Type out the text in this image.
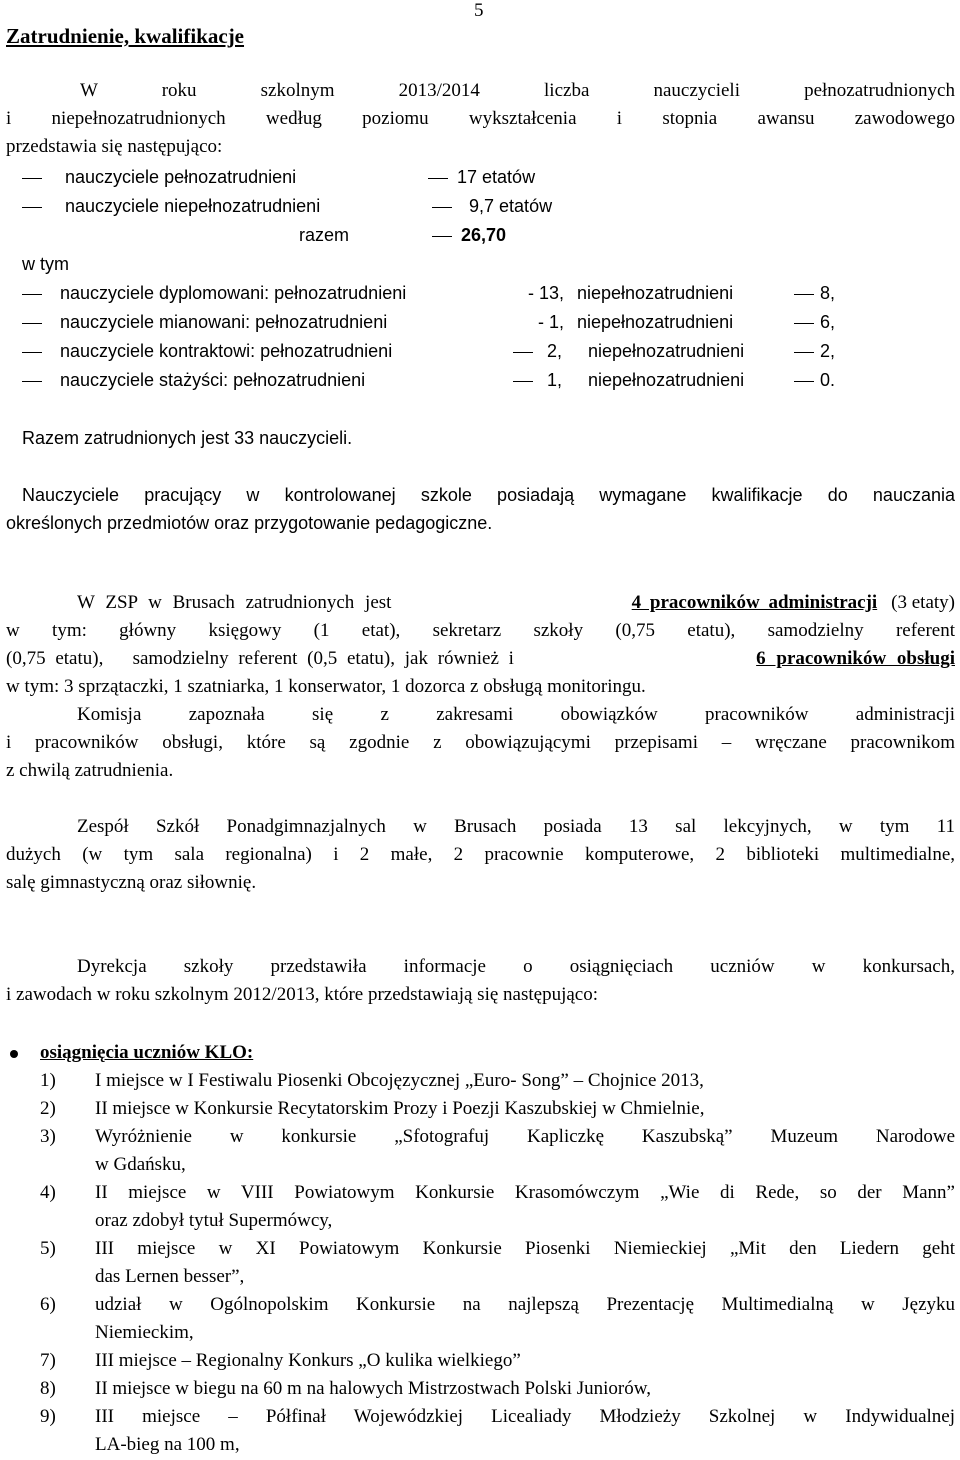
5
Zatrudnienie, kwalifikacje
W roku szkolnym 2013/2014 liczba nauczycieli pełnozatrudnionych
i niepełnozatrudnionych według poziomu wykształcenia i stopnia awansu zawodowego
przedstawia się następująco:
nauczyciele pełnozatrudnieni	17 etatów
nauczyciele niepełnozatrudnieni	9,7 etatów
razem	26,70
w tym
nauczyciele dyplomowani: pełnozatrudnieni	- 13, niepełnozatrudnieni	8,
nauczyciele mianowani: pełnozatrudnieni	- 1, niepełnozatrudnieni	6,
nauczyciele kontraktowi: pełnozatrudnieni	2, niepełnozatrudnieni	2,
nauczyciele stażyści: pełnozatrudnieni	1, niepełnozatrudnieni	0.
Razem zatrudnionych jest 33 nauczycieli.
Nauczyciele pracujący w kontrolowanej szkole posiadają wymagane kwalifikacje do nauczania
określonych przedmiotów oraz przygotowanie pedagogiczne.
W ZSP w Brusach zatrudnionych jest	4 pracowników administracji (3 etaty)
w tym: główny księgowy (1 etat), sekretarz szkoły (0,75 etatu), samodzielny referent
(0,75 etatu),   samodzielny referent (0,5 etatu), jak również i	6 pracowników obsługi
w tym: 3 sprzątaczki, 1 szatniarka, 1 konserwator, 1 dozorca z obsługą monitoringu.
Komisja zapoznała się z zakresami obowiązków pracowników administracji
i pracowników obsługi, które są zgodnie z obowiązującymi przepisami – wręczane pracownikom
z chwilą zatrudnienia.
Zespół Szkół Ponadgimnazjalnych w Brusach posiada 13 sal lekcyjnych, w tym 11
dużych (w tym sala regionalna) i 2 małe, 2 pracownie komputerowe, 2 biblioteki multimedialne,
salę gimnastyczną oraz siłownię.
Dyrekcja szkoły przedstawiła informacje o osiągnięciach uczniów w konkursach,
i zawodach w roku szkolnym 2012/2013, które przedstawiają się następująco:
osiągnięcia uczniów KLO:
1) I miejsce w I Festiwalu Piosenki Obcojęzycznej „Euro- Song” – Chojnice 2013,
2) II miejsce w Konkursie Recytatorskim Prozy i Poezji Kaszubskiej w Chmielnie,
3) Wyróżnienie w konkursie „Sfotografuj Kapliczkę Kaszubską” Muzeum Narodowe
w Gdańsku,
4) II miejsce w VIII Powiatowym Konkursie Krasomówczym „Wie di Rede, so der Mann”
oraz zdobył tytuł Supermówcy,
5) III miejsce w XI Powiatowym Konkursie Piosenki Niemieckiej „Mit den Liedern geht
das Lernen besser”,
6) udział w Ogólnopolskim Konkursie na najlepszą Prezentację Multimedialną w Języku
Niemieckim,
7) III miejsce – Regionalny Konkurs „O kulika wielkiego”
8) II miejsce w biegu na 60 m na halowych Mistrzostwach Polski Juniorów,
9) III miejsce – Półfinał Wojewódzkiej Licealiady Młodzieży Szkolnej w Indywidualnej
LA-bieg na 100 m,
